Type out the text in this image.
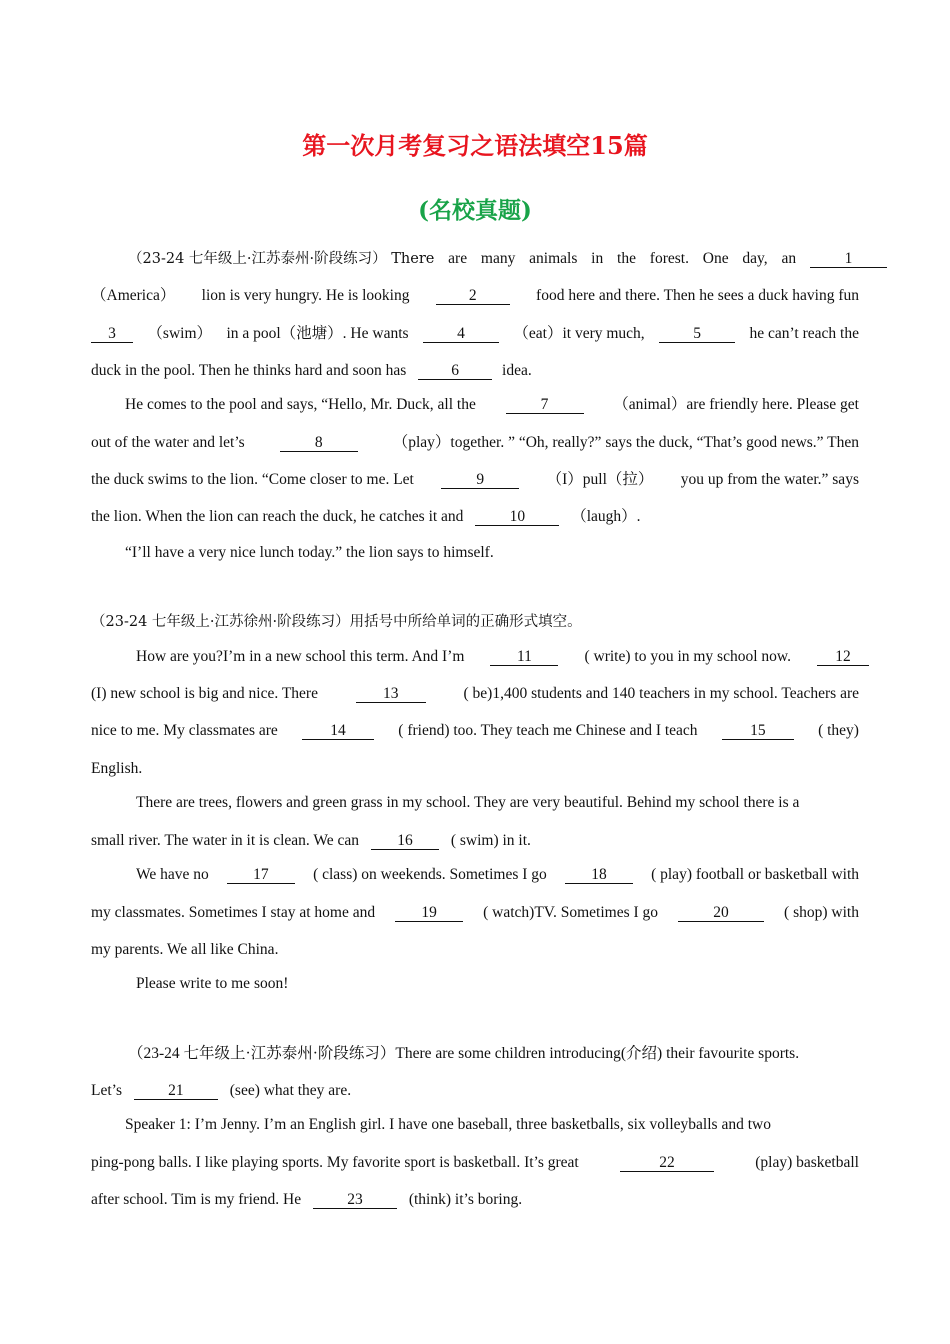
第一次月考复习之语法填空15篇
(名校真题)
（23-24 七年级上·江苏泰州·阶段练习） There are many animals in the forest. One day, an	1
（America） lion is very hungry. He is looking	2	food here and there. Then he sees a duck having fun
3	（swim） in a pool（池塘）. He wants	4	（eat）it very much,	5	he can’t reach the
duck in the pool. Then he thinks hard and soon has	6	idea.
He comes to the pool and says, “Hello, Mr. Duck, all the	7	（animal）are friendly here. Please get
out of the water and let’s	8	（play）together. ” “Oh, really?” says the duck, “That’s good news.” Then
the duck swims to the lion. “Come closer to me. Let	9	（I）pull（拉） you up from the water.” says
the lion. When the lion can reach the duck, he catches it and	10	（laugh）.
“I’ll have a very nice lunch today.” the lion says to himself.
（23-24 七年级上·江苏徐州·阶段练习）用括号中所给单词的正确形式填空。
How are you?I’m in a new school this term. And I’m	11	( write) to you in my school now.	12
(I) new school is big and nice. There	13	( be)1,400 students and 140 teachers in my school. Teachers are
nice to me. My classmates are	14	( friend) too. They teach me Chinese and I teach	15	( they)
English.
There are trees, flowers and green grass in my school. They are very beautiful. Behind my school there is a
small river. The water in it is clean. We can 16 ( swim) in it.
We have no	17	( class) on weekends. Sometimes I go	18	( play) football or basketball with
my classmates. Sometimes I stay at home and	19	( watch)TV. Sometimes I go	20	( shop) with
my parents. We all like China.
Please write to me soon!
（23-24 七年级上·江苏泰州·阶段练习）There are some children introducing(介绍) their favourite sports.
Let’s	21	(see) what they are.
Speaker 1: I’m Jenny. I’m an English girl. I have one baseball, three basketballs, six volleyballs and two
ping-pong balls. I like playing sports. My favorite sport is basketball. It’s great	22	(play) basketball
after school. Tim is my friend. He	23	(think) it’s boring.
